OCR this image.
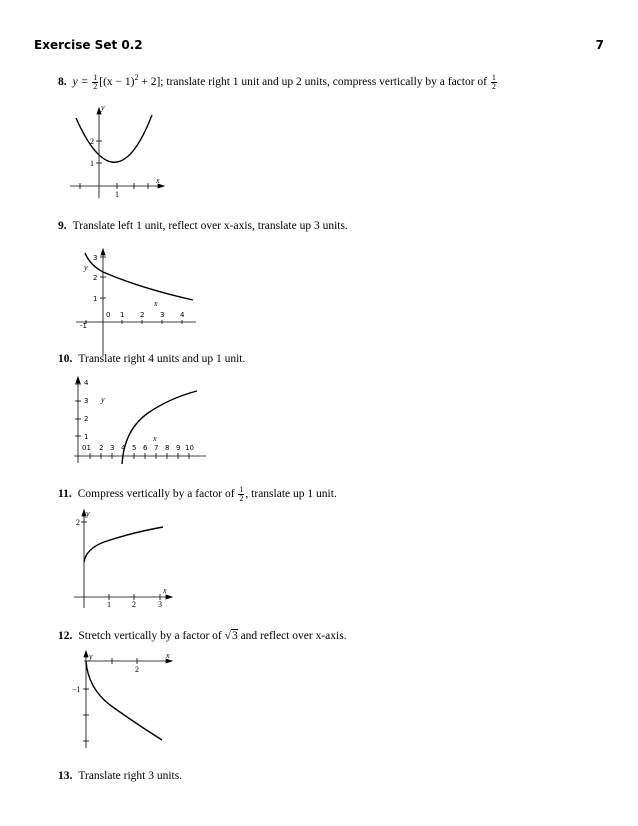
Exercise Set 0.2	7
8. $y = \frac{1}{2} [(x - 1)^2 + 2]$; translate right 1 unit and up 2 units, compress vertically by a factor of $\frac{1}{2}$
y
x
1
1
2
9. Translate left 1 unit, reflect over x-axis, translate up 3 units.
-1
0 1 2 3 4
1
2
3
y
x
10. Translate right 4 units and up 1 unit.
4
3
2
1
y
x
01 2 3 4 5 6 7 8 9 10
11. Compress vertically by a factor of $\frac{1}{2}$ , translate up 1 unit.
y
x
1	2	3
2
12. Stretch vertically by a factor of √3 and reflect over x-axis.
y	x
2
−1
13. Translate right 3 units.
